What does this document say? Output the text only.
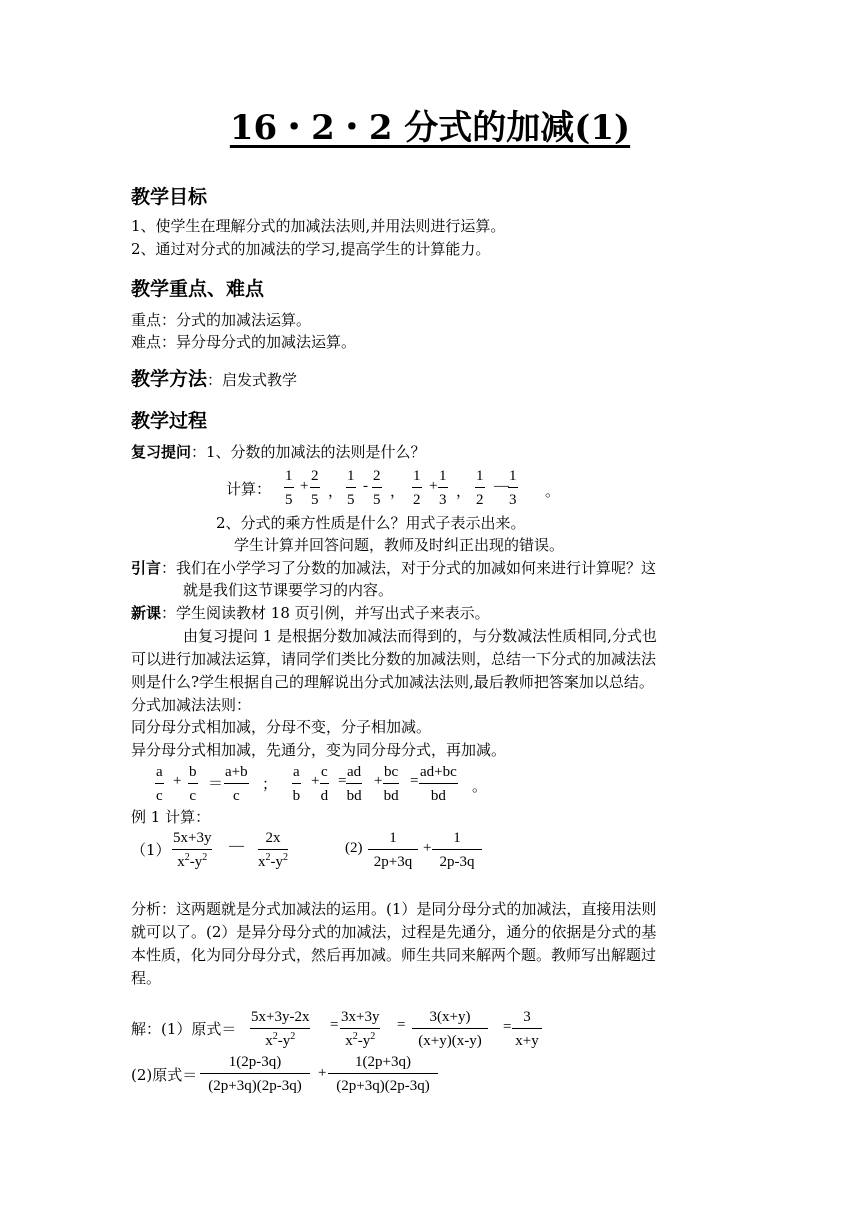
16・2・2 分式的加减(1)
教学目标
1、使学生在理解分式的加减法法则,并用法则进行运算。
2、通过对分式的加减法的学习,提高学生的计算能力。
教学重点、难点
重点：分式的加减法运算。
难点：异分母分式的加减法运算。
教学方法：启发式教学
教学过程
复习提问：1、分数的加减法的法则是什么？
计算：
1
5
+
2
5 ，
1
5
-
2
5 ，
1
2
+
1
3 ，
1
2
—
1
3 。
2、分式的乘方性质是什么？用式子表示出来。
学生计算并回答问题，教师及时纠正出现的错误。
引言：我们在小学学习了分数的加减法，对于分式的加减如何来进行计算呢？这
就是我们这节课要学习的内容。
新课：学生阅读教材 18 页引例，并写出式子来表示。
由复习提问 1 是根据分数加减法而得到的，与分数减法性质相同,分式也
可以进行加减法运算，请同学们类比分数的加减法则，总结一下分式的加减法法
则是什么?学生根据自己的理解说出分式加减法法则,最后教师把答案加以总结。
分式加减法法则：
同分母分式相加减，分母不变，分子相加减。
异分母分式相加减，先通分，变为同分母分式，再加减。
a
c
+
b
c
＝
a+b
c
；
a
b
+
c
d
=
ad
bd
+
bc
bd
=
ad+bc
bd
。
例 1 计算：
（1）
5x+3y
$x^2-y^2$
—	2x
$x^2-y^2$
(2)
1
2p+3q
+
1
2p-3q
分析：这两题就是分式加减法的运用。(1）是同分母分式的加减法，直接用法则
就可以了。(2）是异分母分式的加减法，过程是先通分，通分的依据是分式的基
本性质，化为同分母分式，然后再加减。师生共同来解两个题。教师写出解题过
程。
解：(1）原式＝
5x+3y-2x
$x^2-y^2$
= 3x+3y
$x^2-y^2$
=	3(x+y)
(x+y)(x-y)
=
3
x+y
(2)原式＝
1(2p-3q)
(2p+3q)(2p-3q)
+
1(2p+3q)
(2p+3q)(2p-3q)
